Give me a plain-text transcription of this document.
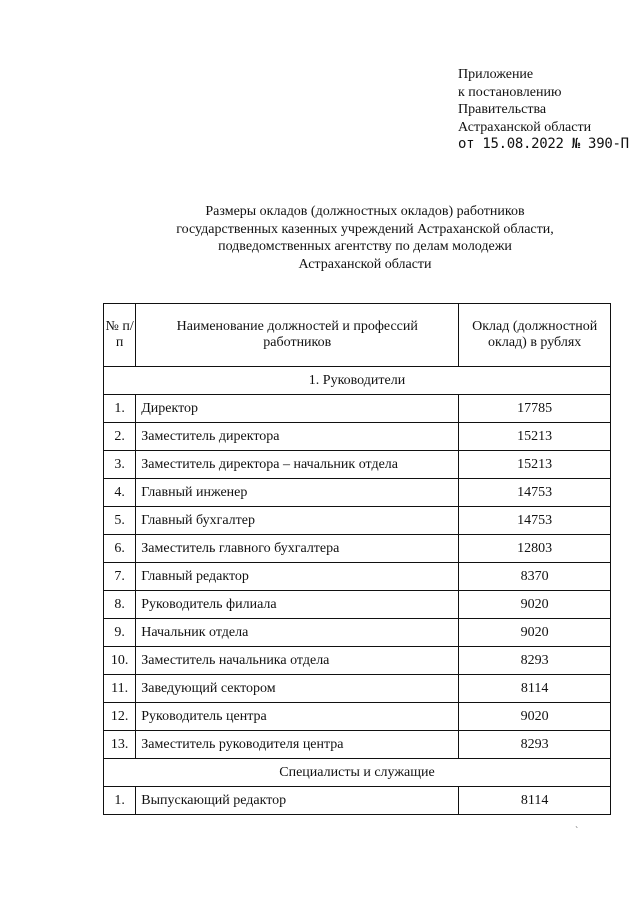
Приложение
к постановлению
Правительства
Астраханской области
от 15.08.2022 № 390-П
Размеры окладов (должностных окладов) работников
государственных казенных учреждений Астраханской области,
подведомственных агентству по делам молодежи
Астраханской области
№ п/п	Наименование должностей и профессий работников	Оклад (должностной оклад) в рублях
1. Руководители		
1.	Директор	17785
2.	Заместитель директора	15213
3.	Заместитель директора – начальник отдела	15213
4.	Главный инженер	14753
5.	Главный бухгалтер	14753
6.	Заместитель главного бухгалтера	12803
7.	Главный редактор	8370
8.	Руководитель филиала	9020
9.	Начальник отдела	9020
10.	Заместитель начальника отдела	8293
11.	Заведующий сектором	8114
12.	Руководитель центра	9020
13.	Заместитель руководителя центра	8293
Специалисты и служащие		
1.	Выпускающий редактор	8114
`
